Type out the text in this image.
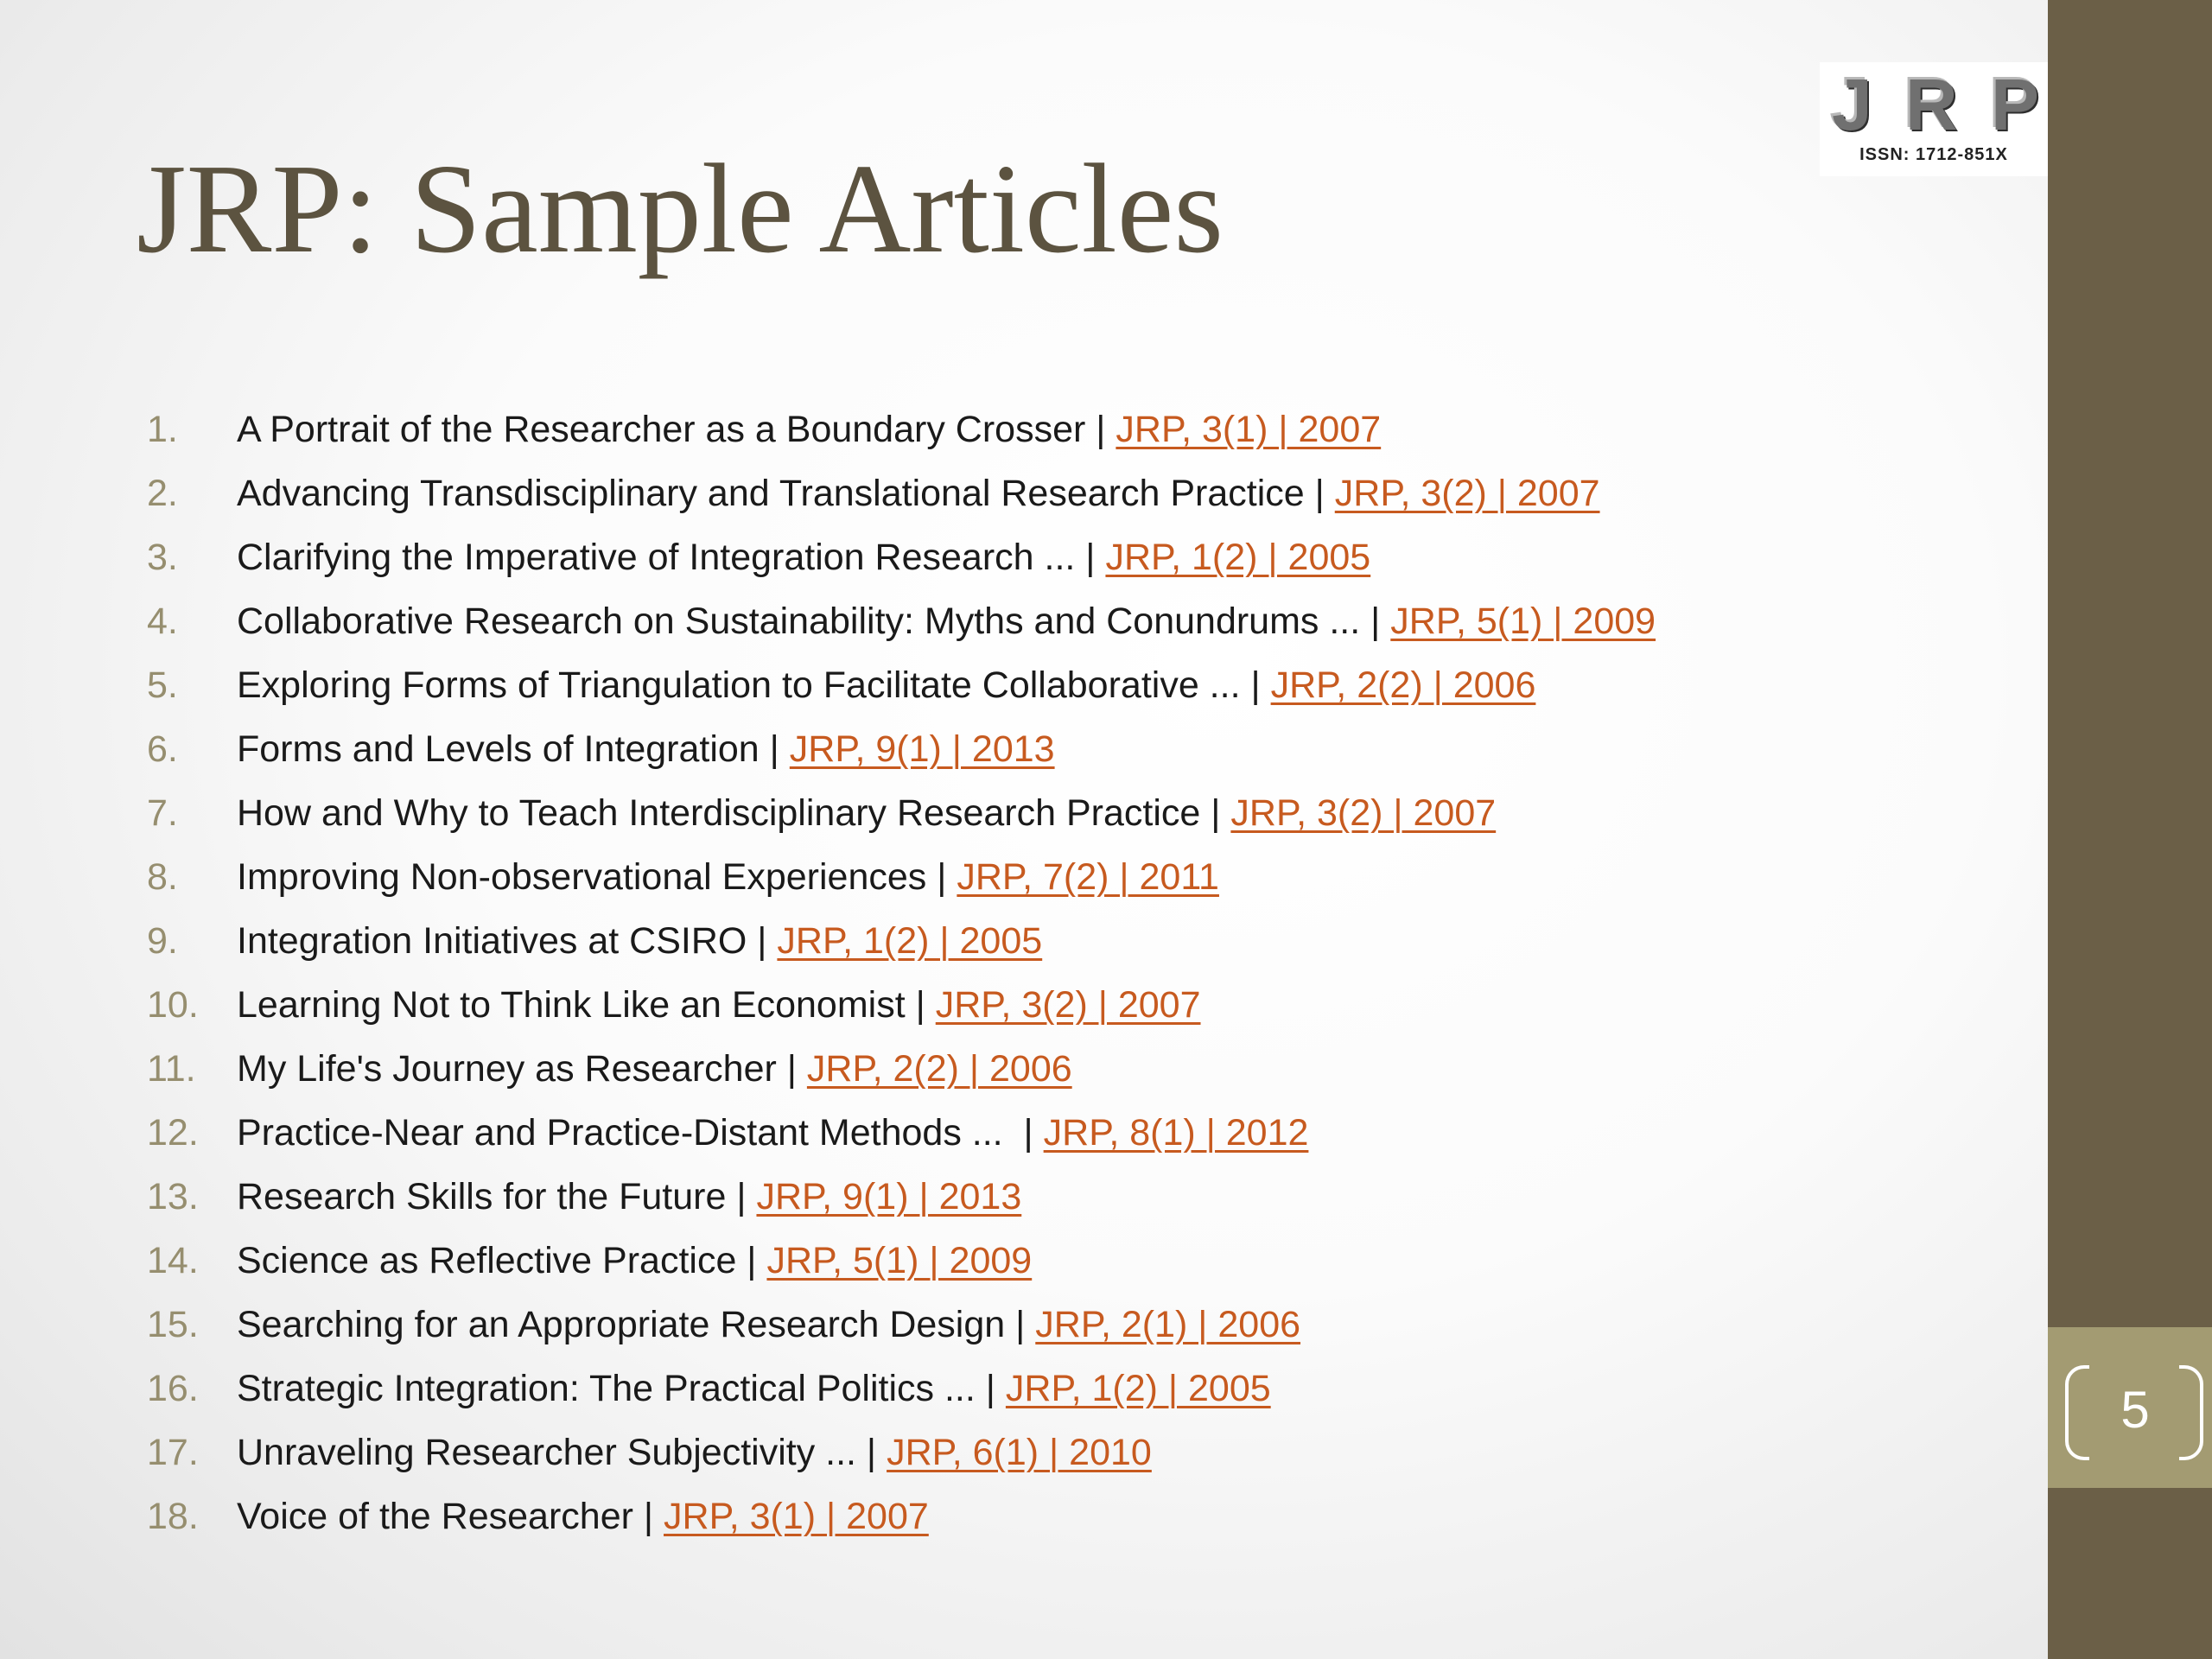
J R P
ISSN: 1712-851X
JRP: Sample Articles
1.	A Portrait of the Researcher as a Boundary Crosser | JRP, 3(1) | 2007
2.	Advancing Transdisciplinary and Translational Research Practice | JRP, 3(2) | 2007
3.	Clarifying the Imperative of Integration Research ... | JRP, 1(2) | 2005
4.	Collaborative Research on Sustainability: Myths and Conundrums ... | JRP, 5(1) | 2009
5.	Exploring Forms of Triangulation to Facilitate Collaborative ... | JRP, 2(2) | 2006
6.	Forms and Levels of Integration | JRP, 9(1) | 2013
7.	How and Why to Teach Interdisciplinary Research Practice | JRP, 3(2) | 2007
8.	Improving Non-observational Experiences | JRP, 7(2) | 2011
9.	Integration Initiatives at CSIRO | JRP, 1(2) | 2005
10.	Learning Not to Think Like an Economist | JRP, 3(2) | 2007
11.	My Life's Journey as Researcher | JRP, 2(2) | 2006
12.	Practice-Near and Practice-Distant Methods ...  | JRP, 8(1) | 2012
13.	Research Skills for the Future | JRP, 9(1) | 2013
14.	Science as Reflective Practice | JRP, 5(1) | 2009
15.	Searching for an Appropriate Research Design | JRP, 2(1) | 2006
16.	Strategic Integration: The Practical Politics ... | JRP, 1(2) | 2005
17.	Unraveling Researcher Subjectivity ... | JRP, 6(1) | 2010
18.	Voice of the Researcher | JRP, 3(1) | 2007
5
